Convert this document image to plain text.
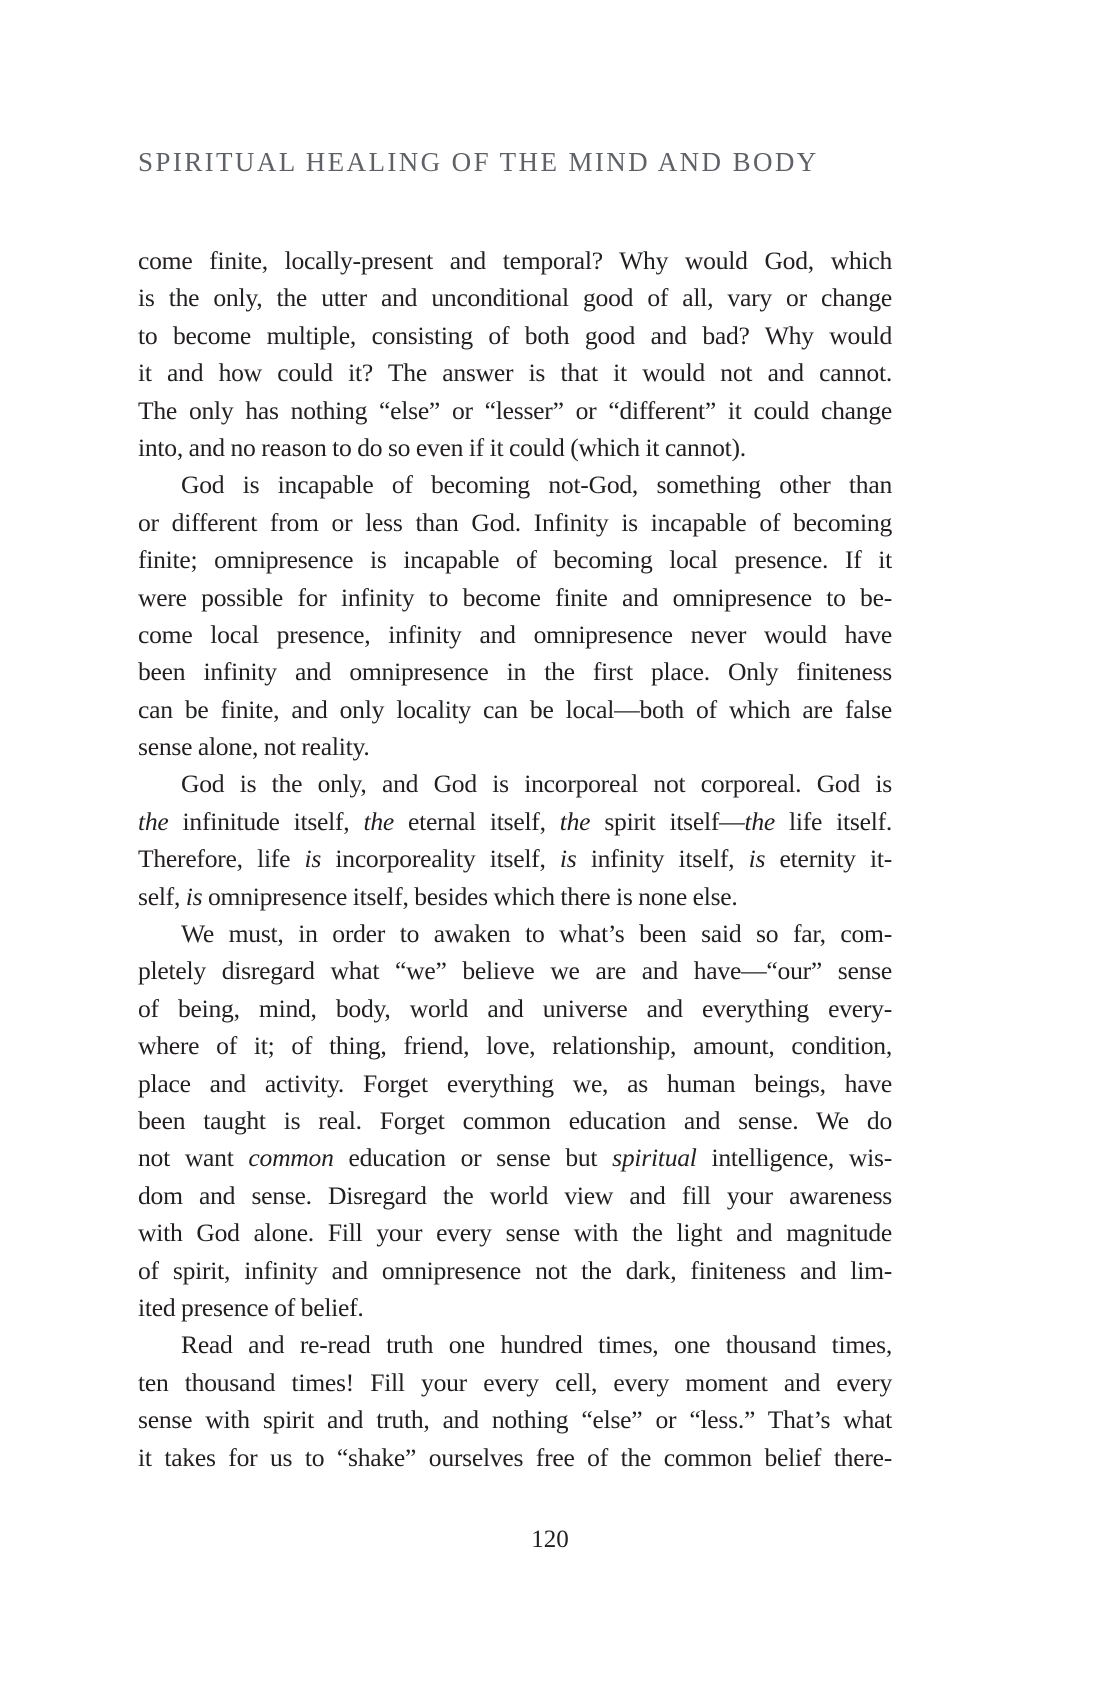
SPIRITUAL HEALING OF THE MIND AND BODY
come finite, locally-present and temporal? Why would God, which
is the only, the utter and unconditional good of all, vary or change
to become multiple, consisting of both good and bad? Why would
it and how could it? The answer is that it would not and cannot.
The only has nothing “else” or “lesser” or “different” it could change
into, and no reason to do so even if it could (which it cannot).
God is incapable of becoming not-God, something other than
or different from or less than God. Infinity is incapable of becoming
finite; omnipresence is incapable of becoming local presence. If it
were possible for infinity to become finite and omnipresence to be-
come local presence, infinity and omnipresence never would have
been infinity and omnipresence in the first place. Only finiteness
can be finite, and only locality can be local—both of which are false
sense alone, not reality.
God is the only, and God is incorporeal not corporeal. God is
the infinitude itself, the eternal itself, the spirit itself—the life itself.
Therefore, life is incorporeality itself, is infinity itself, is eternity it-
self, is omnipresence itself, besides which there is none else.
We must, in order to awaken to what’s been said so far, com-
pletely disregard what “we” believe we are and have—“our” sense
of being, mind, body, world and universe and everything every-
where of it; of thing, friend, love, relationship, amount, condition,
place and activity. Forget everything we, as human beings, have
been taught is real. Forget common education and sense. We do
not want common education or sense but spiritual intelligence, wis-
dom and sense. Disregard the world view and fill your awareness
with God alone. Fill your every sense with the light and magnitude
of spirit, infinity and omnipresence not the dark, finiteness and lim-
ited presence of belief.
Read and re-read truth one hundred times, one thousand times,
ten thousand times! Fill your every cell, every moment and every
sense with spirit and truth, and nothing “else” or “less.” That’s what
it takes for us to “shake” ourselves free of the common belief there-
120
